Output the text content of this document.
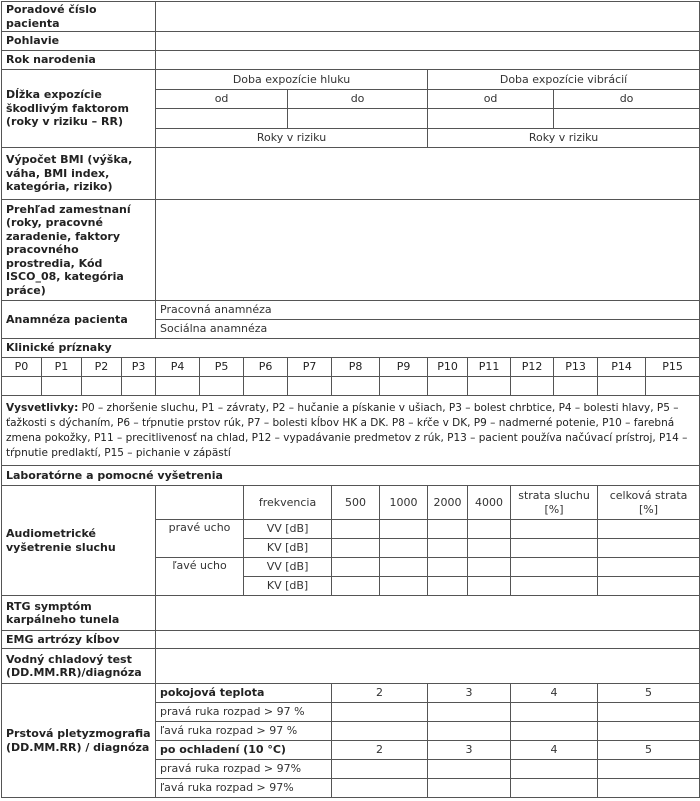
Poradové číslo pacienta															
Pohlavie															
Rok narodenia															
Dĺžka expozície škodlivým faktorom (roky v riziku – RR)				Doba expozície hluku						Doba expozície vibrácií					
				od			do			od			do		

				Roky v riziku						Roky v riziku					
Výpočet BMI (výška, váha, BMI index, kategória, riziko)															
Prehľad zamestnaní (roky, pracovné zaradenie, faktory pracovného prostredia, Kód ISCO_08, kategória práce)															
Anamnéza pacienta				Pracovná anamnéza											
				Sociálna anamnéza											
Klinické príznaky															
P0	P1	P2	P3	P4	P5	P6	P7	P8	P9	P10	P11	P12	P13	P14	P15

Vysvetlivky: P0 – zhoršenie sluchu, P1 – závraty, P2 – hučanie a pískanie v ušiach, P3 – bolest chrbtice, P4 – bolesti hlavy, P5 – ťažkosti s dýchaním, P6 – tŕpnutie prstov rúk, P7 – bolesti kĺbov HK a DK. P8 – kŕče v DK, P9 – nadmerné potenie, P10 – farebná zmena pokožky, P11 – precitlivenosť na chlad, P12 – vypadávanie predmetov z rúk, P13 – pacient používa načúvací prístroj, P14 – tŕpnutie predlaktí, P15 – pichanie v zápästí															
Laboratórne a pomocné vyšetrenia															
Audiometrické vyšetrenie sluchu						frekvencia		500	1000	2000	4000	strata sluchu [%]		celková strata [%]	
				pravé ucho		VV [dB]									
						KV [dB]									
				ľavé ucho		VV [dB]									
						KV [dB]									
RTG symptóm karpálneho tunela															
EMG artrózy kĺbov															
Vodný chladový test (DD.MM.RR)/diagnóza															
Prstová pletyzmografia (DD.MM.RR) / diagnóza				pokojová teplota				2		3		4		5	
				pravá ruka rozpad > 97 %											
				ľavá ruka rozpad > 97 %											
				po ochladení (10 °C)				2		3		4		5	
				pravá ruka rozpad > 97%											
				ľavá ruka rozpad > 97%											
